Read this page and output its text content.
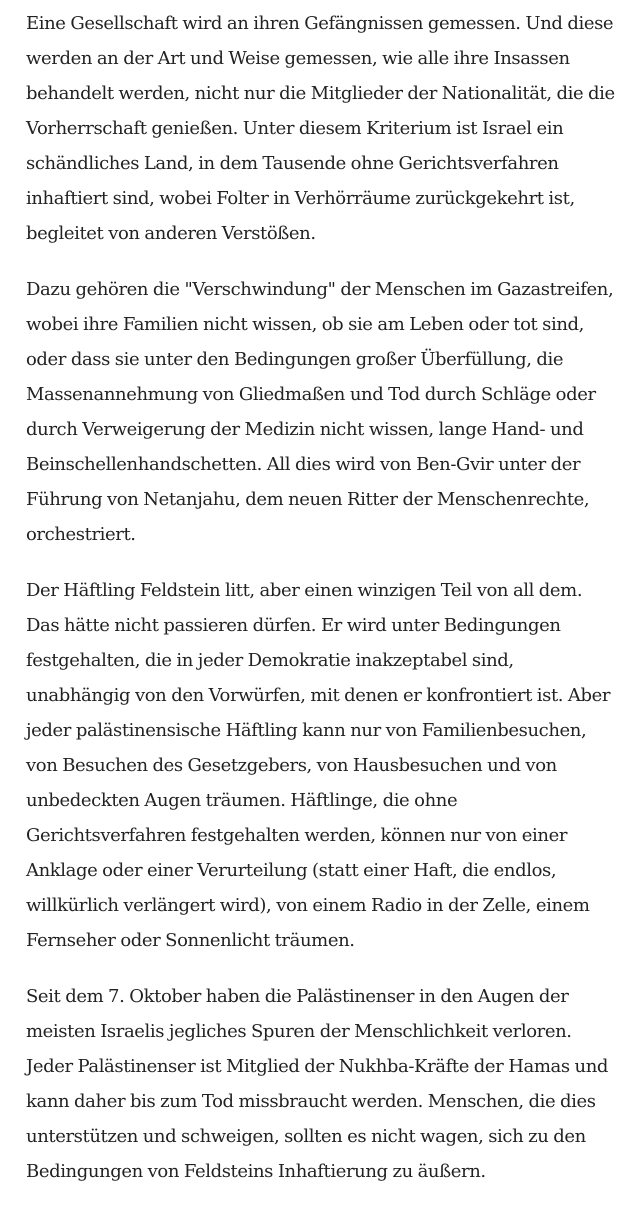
Eine Gesellschaft wird an ihren Gefängnissen gemessen. Und diese
werden an der Art und Weise gemessen, wie alle ihre Insassen
behandelt werden, nicht nur die Mitglieder der Nationalität, die die
Vorherrschaft genießen. Unter diesem Kriterium ist Israel ein
schändliches Land, in dem Tausende ohne Gerichtsverfahren
inhaftiert sind, wobei Folter in Verhörräume zurückgekehrt ist,
begleitet von anderen Verstößen.

Dazu gehören die "Verschwindung" der Menschen im Gazastreifen,
wobei ihre Familien nicht wissen, ob sie am Leben oder tot sind,
oder dass sie unter den Bedingungen großer Überfüllung, die
Massenannehmung von Gliedmaßen und Tod durch Schläge oder
durch Verweigerung der Medizin nicht wissen, lange Hand- und
Beinschellenhandschetten. All dies wird von Ben-Gvir unter der
Führung von Netanjahu, dem neuen Ritter der Menschenrechte,
orchestriert.

Der Häftling Feldstein litt, aber einen winzigen Teil von all dem.
Das hätte nicht passieren dürfen. Er wird unter Bedingungen
festgehalten, die in jeder Demokratie inakzeptabel sind,
unabhängig von den Vorwürfen, mit denen er konfrontiert ist. Aber
jeder palästinensische Häftling kann nur von Familienbesuchen,
von Besuchen des Gesetzgebers, von Hausbesuchen und von
unbedeckten Augen träumen. Häftlinge, die ohne
Gerichtsverfahren festgehalten werden, können nur von einer
Anklage oder einer Verurteilung (statt einer Haft, die endlos,
willkürlich verlängert wird), von einem Radio in der Zelle, einem
Fernseher oder Sonnenlicht träumen.

Seit dem 7. Oktober haben die Palästinenser in den Augen der
meisten Israelis jegliches Spuren der Menschlichkeit verloren.
Jeder Palästinenser ist Mitglied der Nukhba-Kräfte der Hamas und
kann daher bis zum Tod missbraucht werden. Menschen, die dies
unterstützen und schweigen, sollten es nicht wagen, sich zu den
Bedingungen von Feldsteins Inhaftierung zu äußern.
